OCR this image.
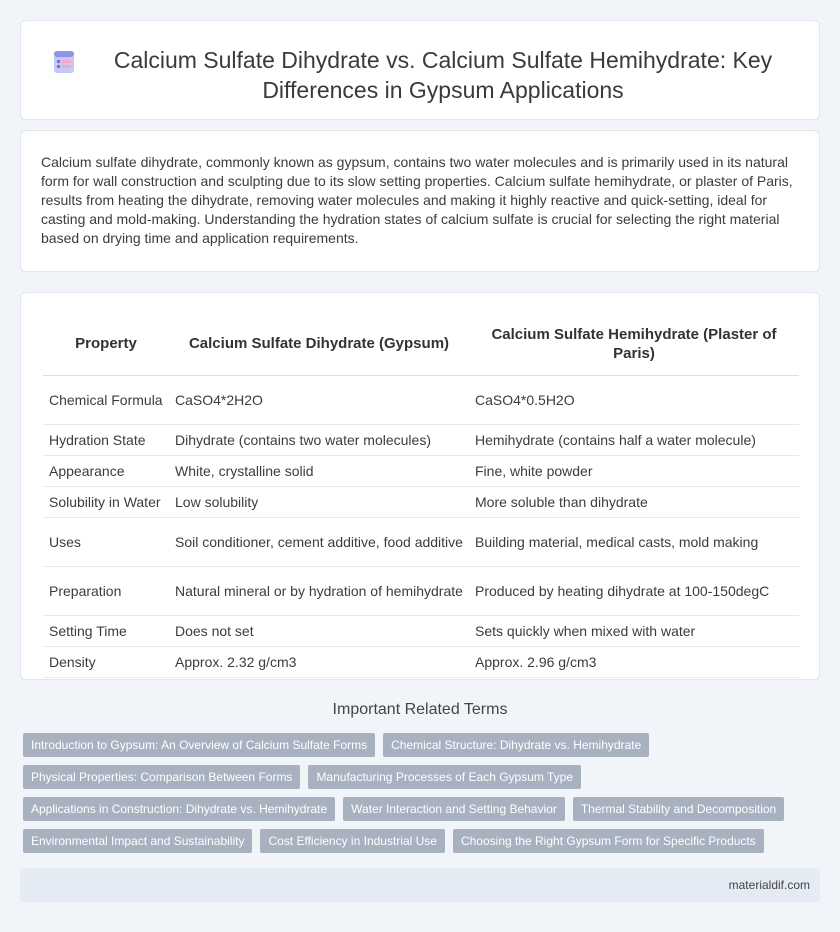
Calcium Sulfate Dihydrate vs. Calcium Sulfate Hemihydrate: Key Differences in Gypsum Applications

Calcium sulfate dihydrate, commonly known as gypsum, contains two water molecules and is primarily used in its natural form for wall construction and sculpting due to its slow setting properties. Calcium sulfate hemihydrate, or plaster of Paris, results from heating the dihydrate, removing water molecules and making it highly reactive and quick-setting, ideal for casting and mold-making. Understanding the hydration states of calcium sulfate is crucial for selecting the right material based on drying time and application requirements.

Property	Calcium Sulfate Dihydrate (Gypsum)	Calcium Sulfate Hemihydrate (Plaster of Paris)
Chemical Formula	CaSO4*2H2O	CaSO4*0.5H2O
Hydration State	Dihydrate (contains two water molecules)	Hemihydrate (contains half a water molecule)
Appearance	White, crystalline solid	Fine, white powder
Solubility in Water	Low solubility	More soluble than dihydrate
Uses	Soil conditioner, cement additive, food additive	Building material, medical casts, mold making
Preparation	Natural mineral or by hydration of hemihydrate	Produced by heating dihydrate at 100-150degC
Setting Time	Does not set	Sets quickly when mixed with water
Density	Approx. 2.32 g/cm3	Approx. 2.96 g/cm3
Important Related Terms
Introduction to Gypsum: An Overview of Calcium Sulfate Forms	Chemical Structure: Dihydrate vs. Hemihydrate
Physical Properties: Comparison Between Forms	Manufacturing Processes of Each Gypsum Type
Applications in Construction: Dihydrate vs. Hemihydrate	Water Interaction and Setting Behavior	Thermal Stability and Decomposition
Environmental Impact and Sustainability	Cost Efficiency in Industrial Use	Choosing the Right Gypsum Form for Specific Products
materialdif.com
